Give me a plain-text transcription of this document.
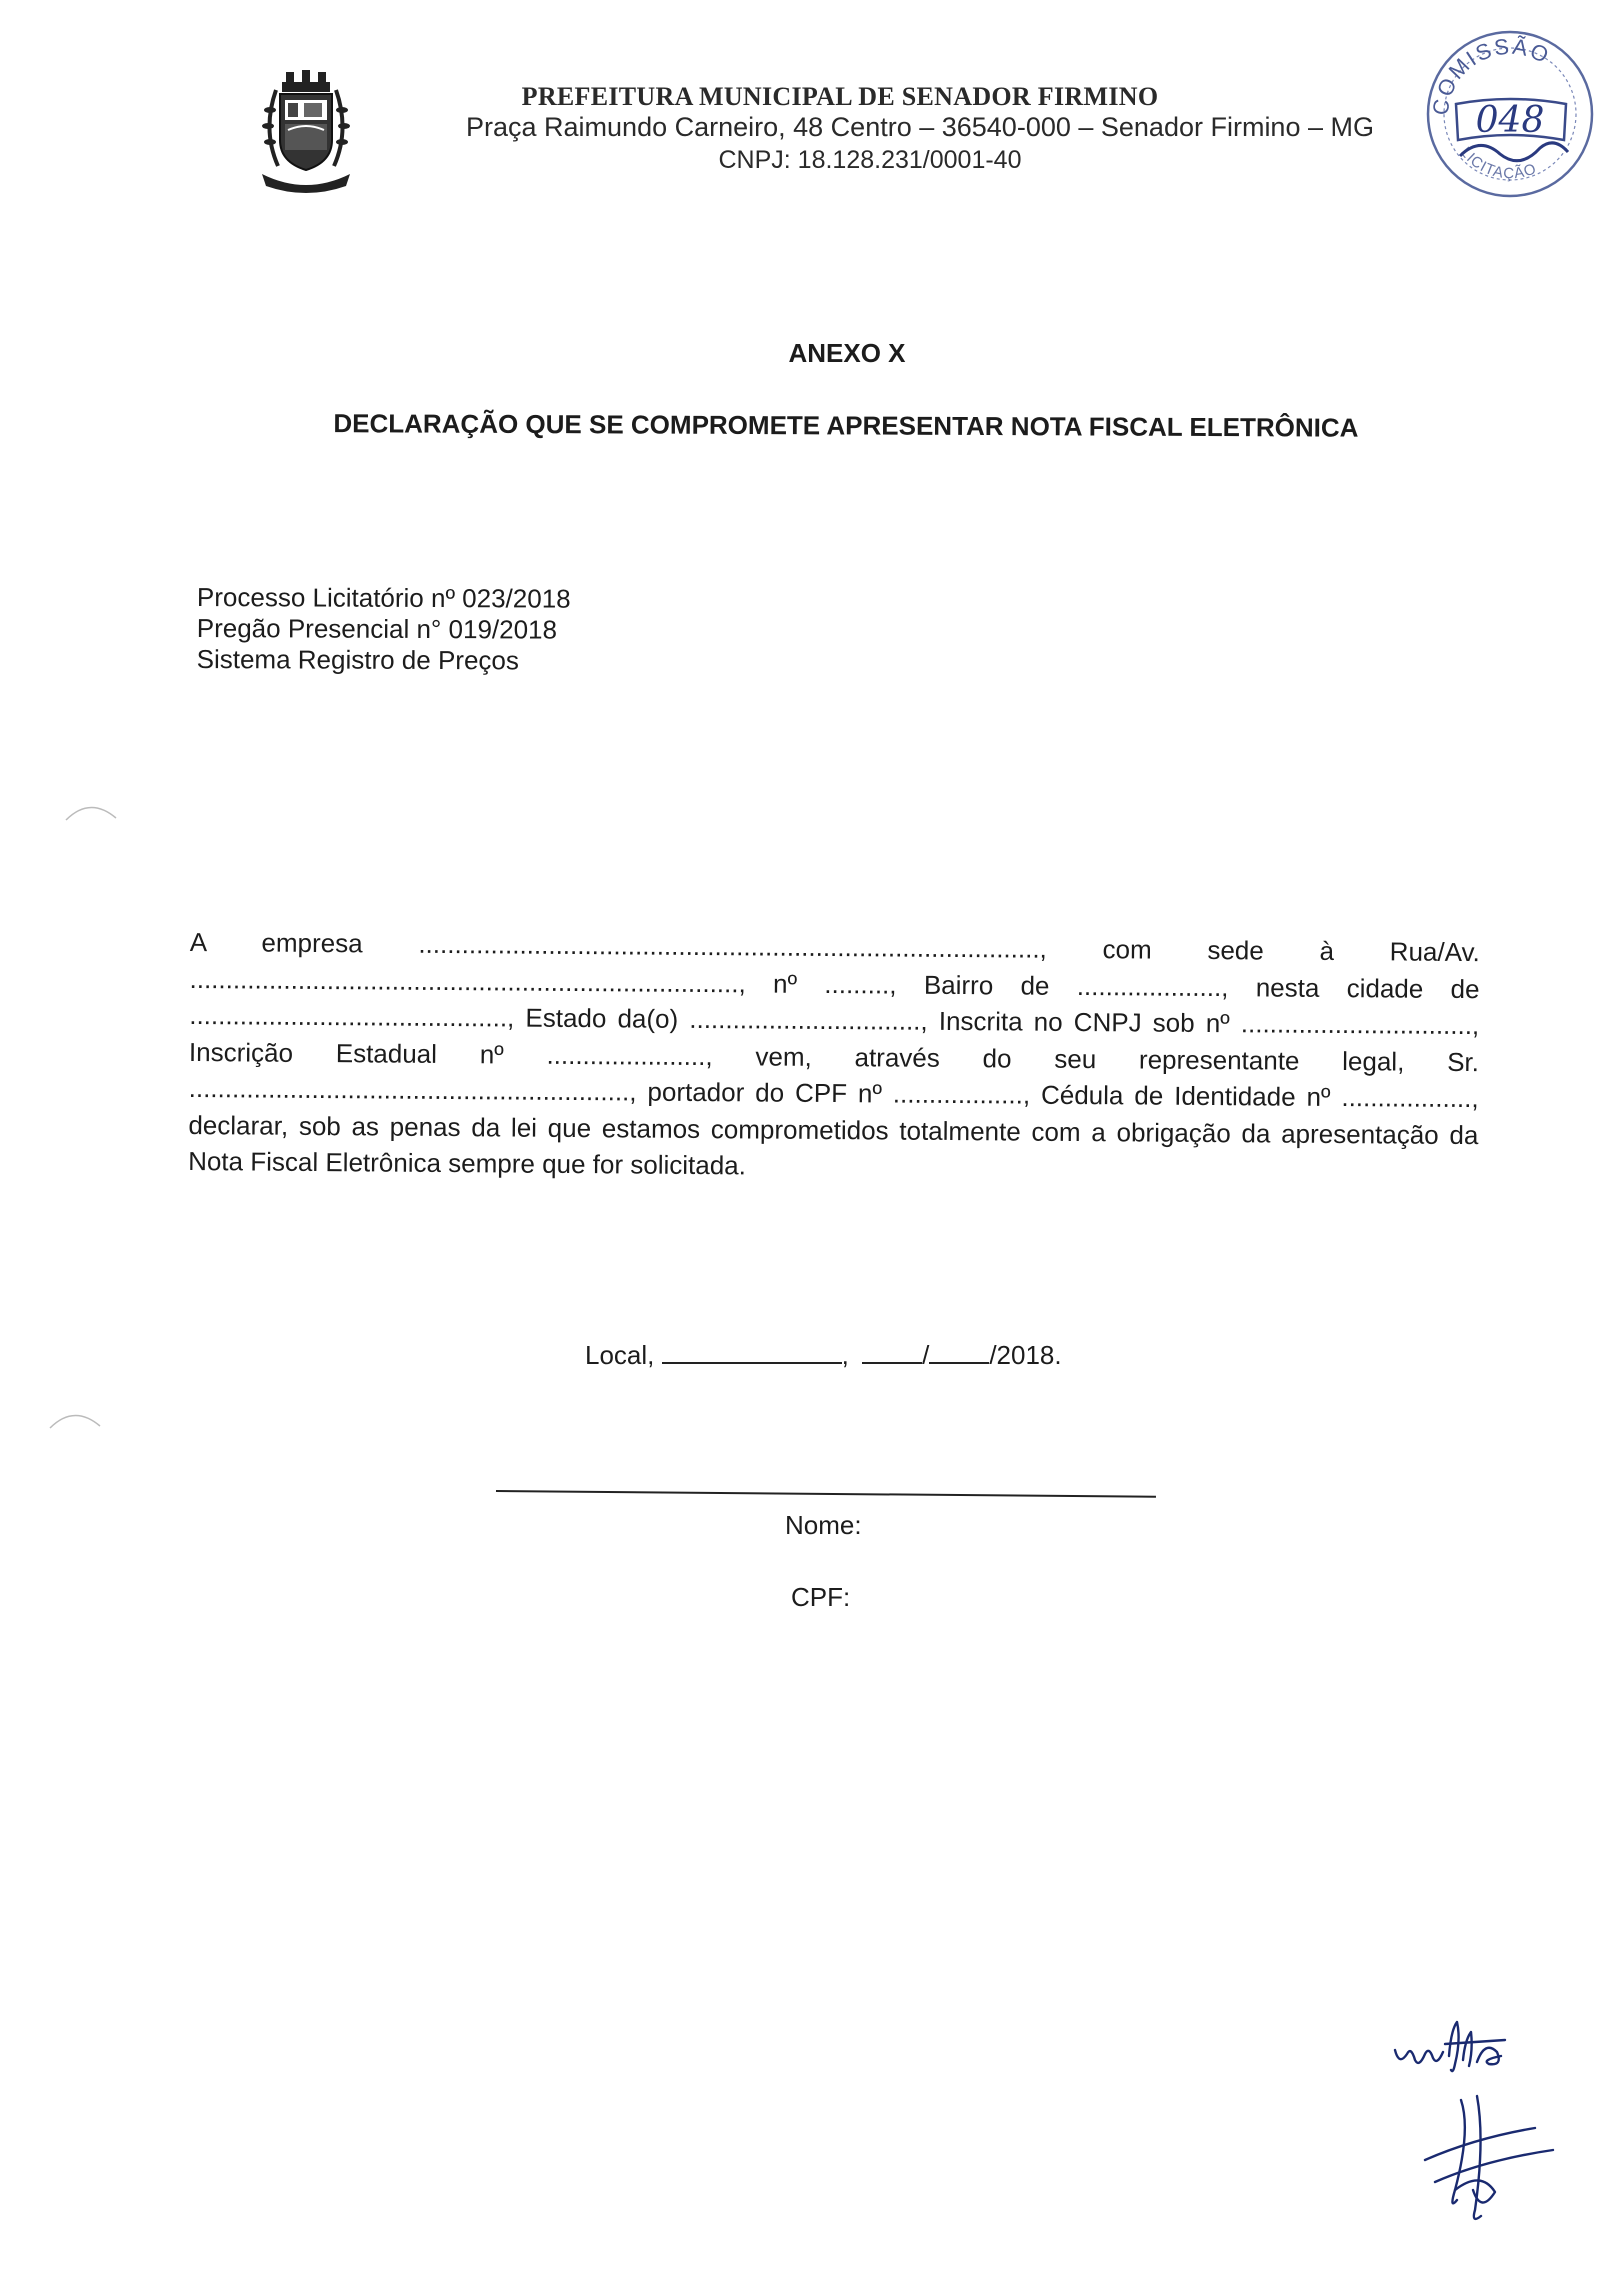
PREFEITURA MUNICIPAL DE SENADOR FIRMINO
Praça Raimundo Carneiro, 48 Centro – 36540-000 – Senador Firmino – MG
CNPJ: 18.128.231/0001-40
COMISSÃO
LICITAÇÃO
048
ANEXO X
DECLARAÇÃO QUE SE COMPROMETE APRESENTAR NOTA FISCAL ELETRÔNICA
Processo Licitatório nº 023/2018
Pregão Presencial n° 019/2018
Sistema Registro de Preços
A empresa ......................................................................................, com sede à Rua/Av. ............................................................................, nº ........., Bairro de ...................., nesta cidade de ............................................, Estado da(o) ................................, Inscrita no CNPJ sob nº ................................, Inscrição Estadual nº ......................, vem, através do seu representante legal, Sr. ............................................................., portador do CPF nº .................., Cédula de Identidade nº .................., declarar, sob as penas da lei que estamos comprometidos totalmente com a obrigação da apresentação da Nota Fiscal Eletrônica sempre que for solicitada.
Local,	,	/ /2018.
Nome:
CPF:
